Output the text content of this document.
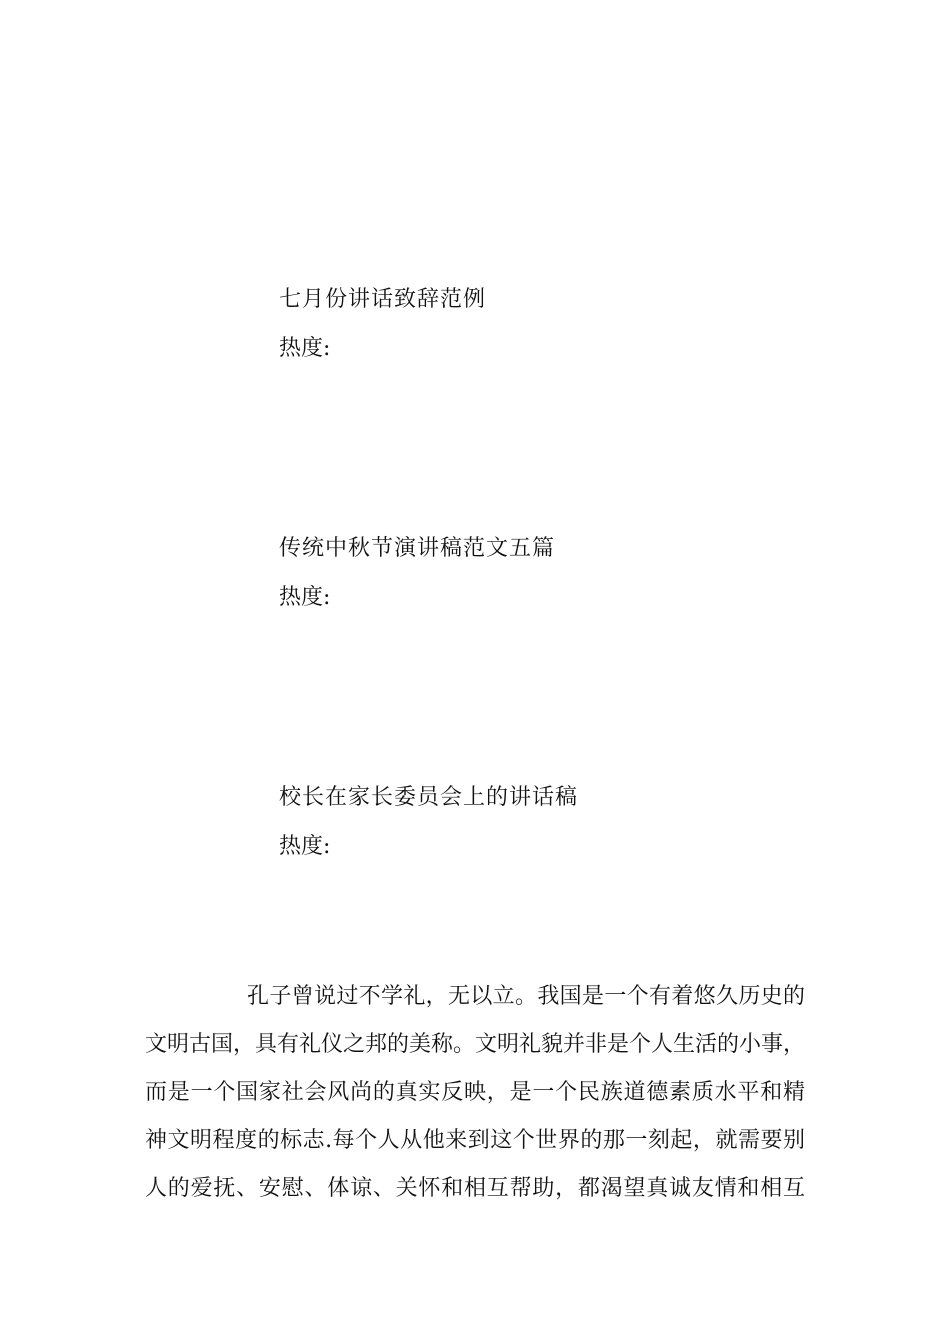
七月份讲话致辞范例
热度:
传统中秋节演讲稿范文五篇
热度:
校长在家长委员会上的讲话稿
热度:
孔子曾说过不学礼，无以立。我国是一个有着悠久历史的
文明古国，具有礼仪之邦的美称。文明礼貌并非是个人生活的小事，
而是一个国家社会风尚的真实反映，是一个民族道德素质水平和精
神文明程度的标志.每个人从他来到这个世界的那一刻起，就需要别
人的爱抚、安慰、体谅、关怀和相互帮助，都渴望真诚友情和相互
